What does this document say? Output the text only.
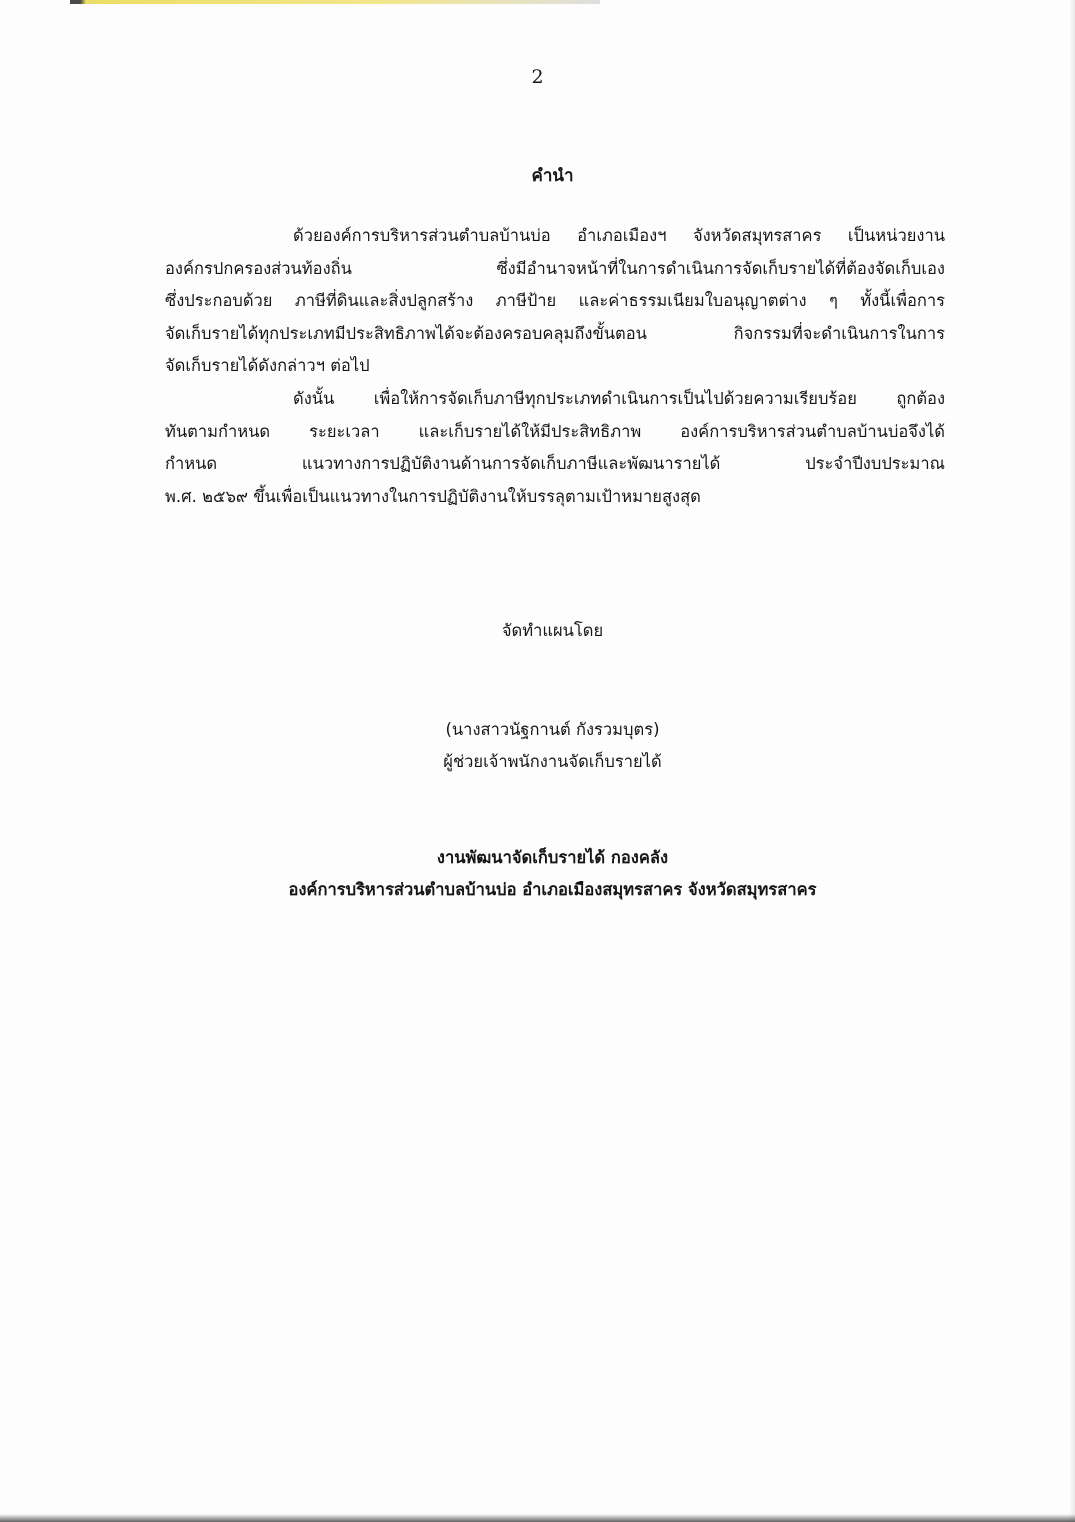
2
คำนำ

ด้วยองค์การบริหารส่วนตำบลบ้านบ่อ อำเภอเมืองฯ จังหวัดสมุทรสาคร เป็นหน่วยงาน
องค์กรปกครองส่วนท้องถิ่น ซึ่งมีอำนาจหน้าที่ในการดำเนินการจัดเก็บรายได้ที่ต้องจัดเก็บเอง
ซึ่งประกอบด้วย ภาษีที่ดินและสิ่งปลูกสร้าง ภาษีป้าย และค่าธรรมเนียมใบอนุญาตต่าง ๆ ทั้งนี้เพื่อการ
จัดเก็บรายได้ทุกประเภทมีประสิทธิภาพได้จะต้องครอบคลุมถึงขั้นตอน กิจกรรมที่จะดำเนินการในการ
จัดเก็บรายได้ดังกล่าวฯ ต่อไป

ดังนั้น เพื่อให้การจัดเก็บภาษีทุกประเภทดำเนินการเป็นไปด้วยความเรียบร้อย ถูกต้อง
ทันตามกำหนด ระยะเวลา และเก็บรายได้ให้มีประสิทธิภาพ องค์การบริหารส่วนตำบลบ้านบ่อจึงได้
กำหนด แนวทางการปฏิบัติงานด้านการจัดเก็บภาษีและพัฒนารายได้ ประจำปีงบประมาณ
พ.ศ. ๒๕๖๙ ขึ้นเพื่อเป็นแนวทางในการปฏิบัติงานให้บรรลุตามเป้าหมายสูงสุด

จัดทำแผนโดย
(นางสาวนัฐกานต์ กังรวมบุตร)
ผู้ช่วยเจ้าพนักงานจัดเก็บรายได้
งานพัฒนาจัดเก็บรายได้ กองคลัง
องค์การบริหารส่วนตำบลบ้านบ่อ อำเภอเมืองสมุทรสาคร จังหวัดสมุทรสาคร
